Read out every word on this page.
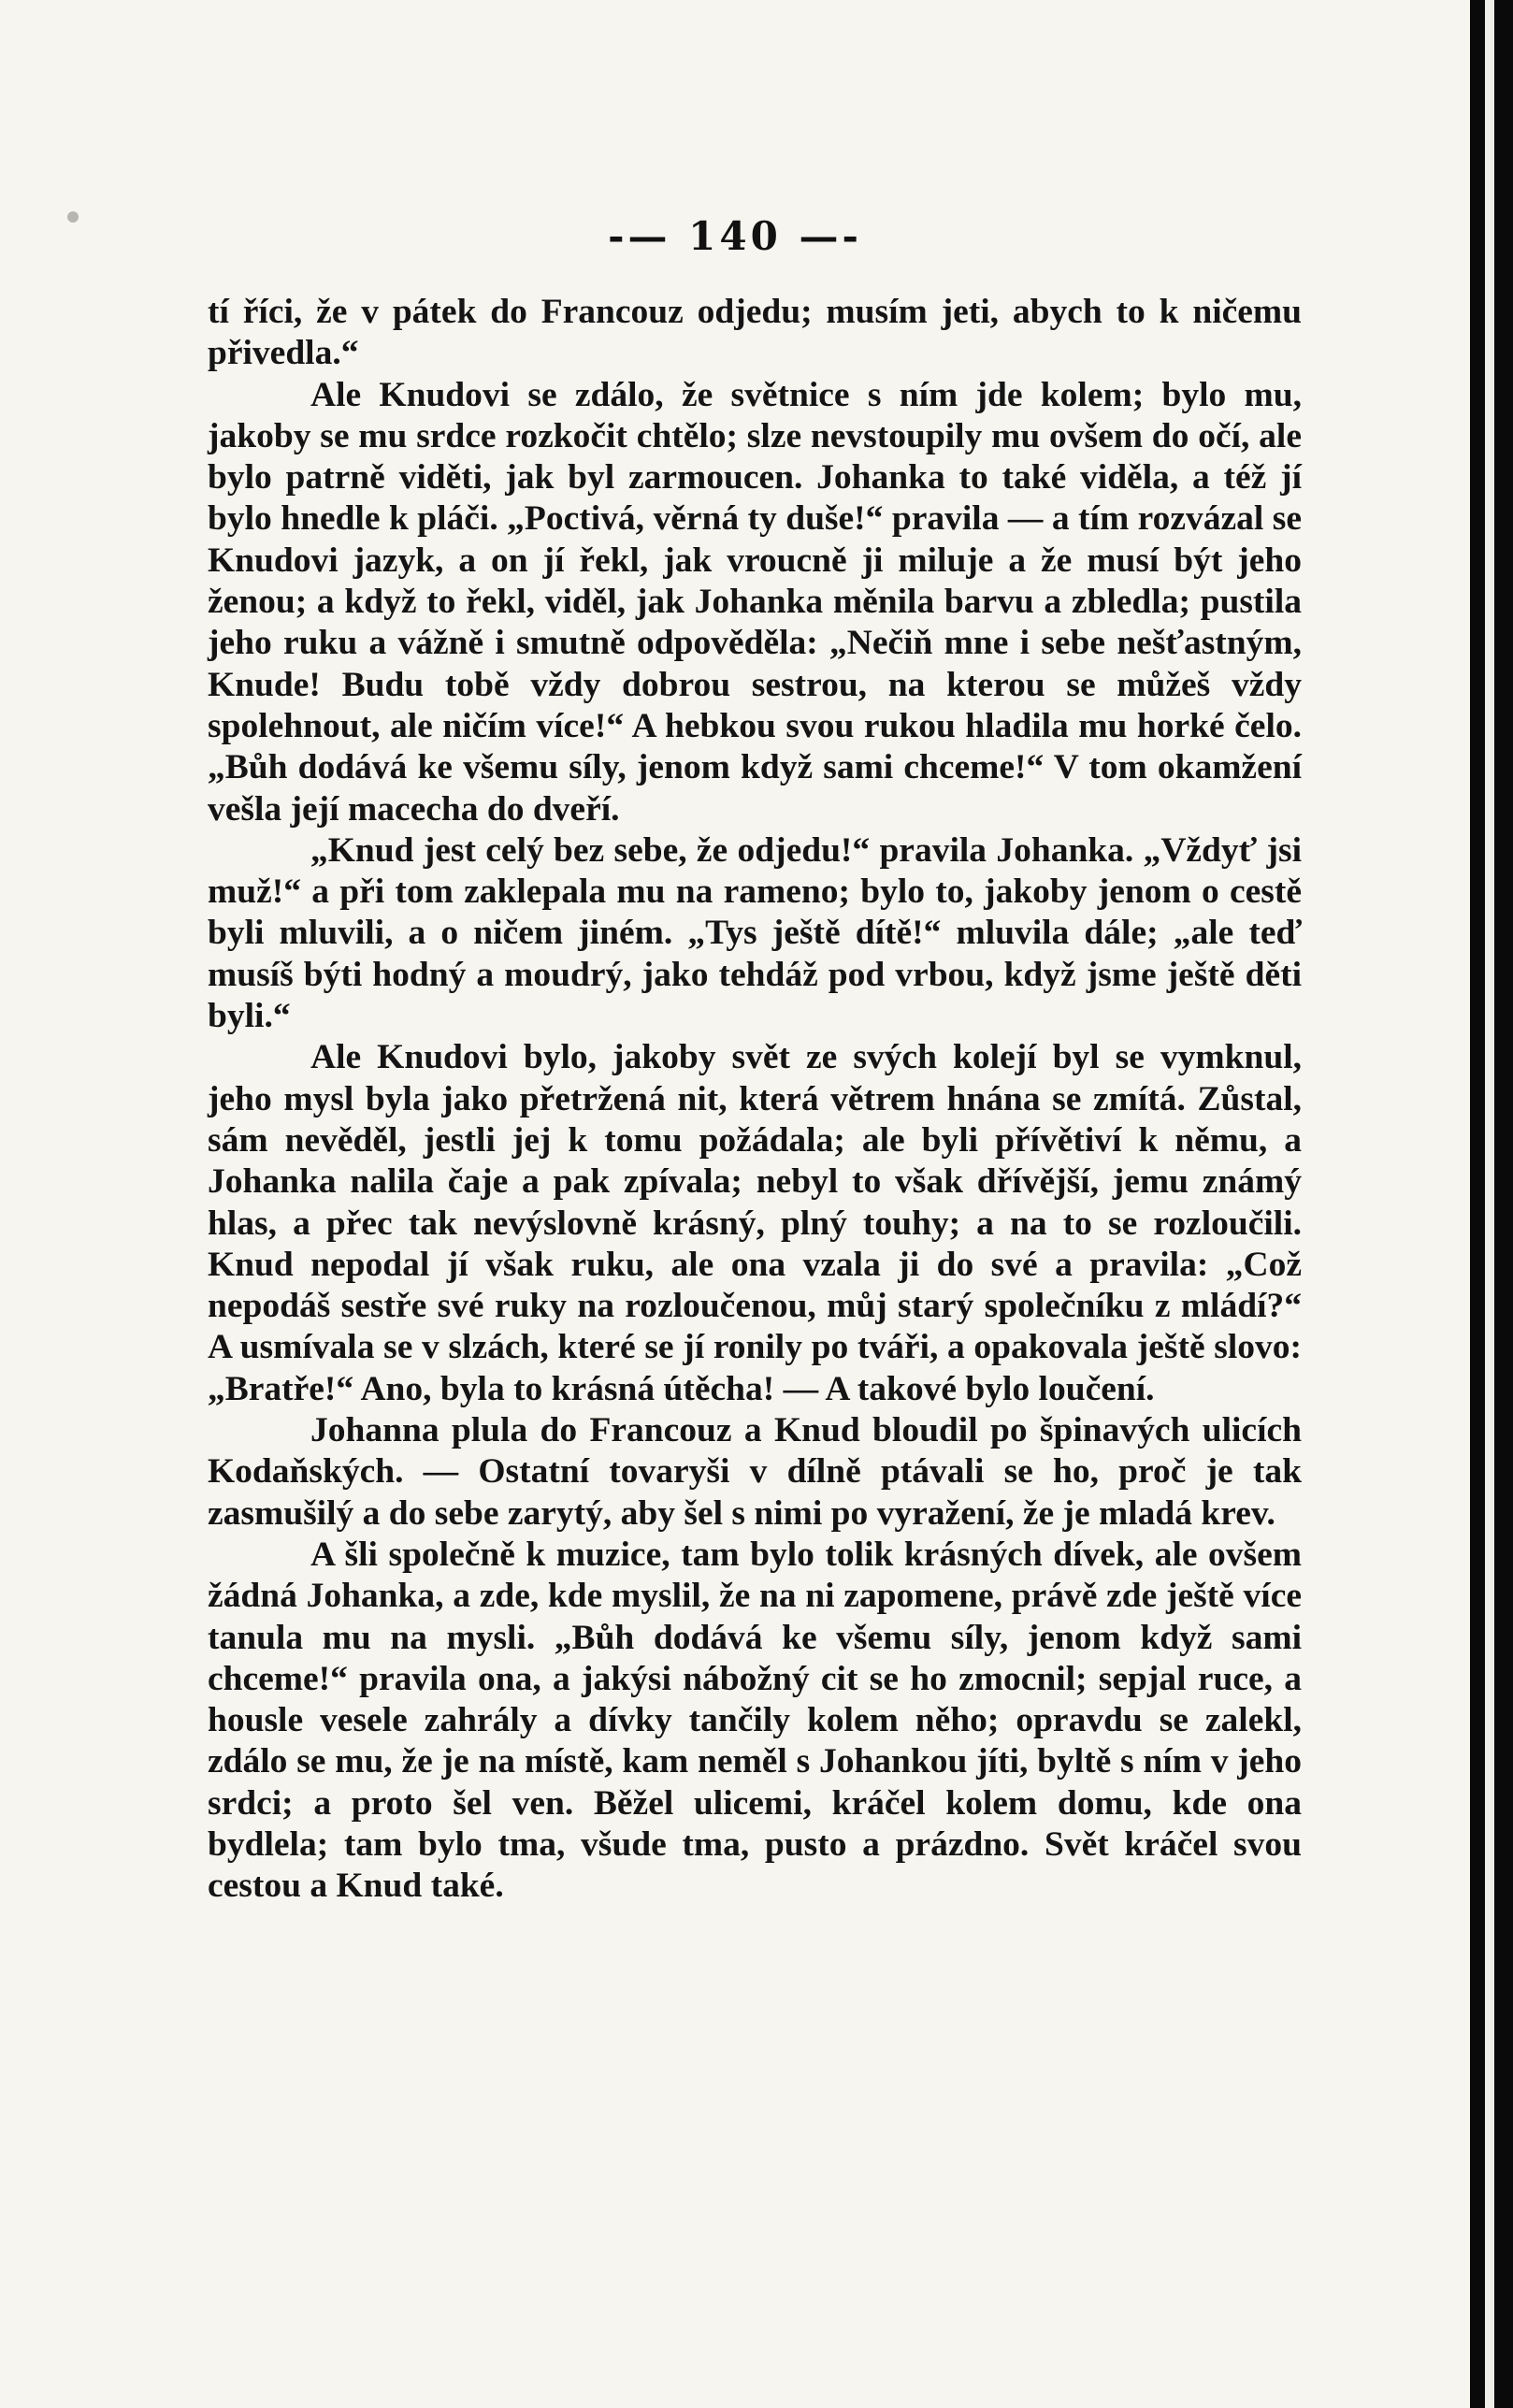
-— 140 —-

tí říci, že v pátek do Francouz odjedu; musím jeti, abych to k ničemu přivedla.“

Ale Knudovi se zdálo, že světnice s ním jde kolem; bylo mu, jakoby se mu srdce rozkočit chtělo; slze nevstoupily mu ovšem do očí, ale bylo patrně viděti, jak byl zarmoucen. Johanka to také viděla, a též jí bylo hnedle k pláči. „Poctivá, věrná ty duše!“ pravila — a tím rozvázal se Knudovi jazyk, a on jí řekl, jak vroucně ji miluje a že musí být jeho ženou; a když to řekl, viděl, jak Johanka měnila barvu a zbledla; pustila jeho ruku a vážně i smutně odpověděla: „Nečiň mne i sebe nešťastným, Knude! Budu tobě vždy dobrou sestrou, na kterou se můžeš vždy spolehnout, ale ničím více!“ A hebkou svou rukou hladila mu horké čelo. „Bůh dodává ke všemu síly, jenom když sami chceme!“ V tom okamžení vešla její macecha do dveří.

„Knud jest celý bez sebe, že odjedu!“ pravila Johanka. „Vždyť jsi muž!“ a při tom zaklepala mu na rameno; bylo to, jakoby jenom o cestě byli mluvili, a o ničem jiném. „Tys ještě dítě!“ mluvila dále; „ale teď musíš býti hodný a moudrý, jako tehdáž pod vrbou, když jsme ještě děti byli.“

Ale Knudovi bylo, jakoby svět ze svých kolejí byl se vymknul, jeho mysl byla jako přetržená nit, která větrem hnána se zmítá. Zůstal, sám nevěděl, jestli jej k tomu požádala; ale byli přívětiví k němu, a Johanka nalila čaje a pak zpívala; nebyl to však dřívější, jemu známý hlas, a přec tak nevýslovně krásný, plný touhy; a na to se rozloučili. Knud nepodal jí však ruku, ale ona vzala ji do své a pravila: „Což nepodáš sestře své ruky na rozloučenou, můj starý společníku z mládí?“ A usmívala se v slzách, které se jí ronily po tváři, a opakovala ještě slovo: „Bratře!“ Ano, byla to krásná útěcha! — A takové bylo loučení.

Johanna plula do Francouz a Knud bloudil po špinavých ulicích Kodaňských. — Ostatní tovaryši v dílně ptávali se ho, proč je tak zasmušilý a do sebe zarytý, aby šel s nimi po vyražení, že je mladá krev.

A šli společně k muzice, tam bylo tolik krásných dívek, ale ovšem žádná Johanka, a zde, kde myslil, že na ni zapomene, právě zde ještě více tanula mu na mysli. „Bůh dodává ke všemu síly, jenom když sami chceme!“ pravila ona, a jakýsi nábožný cit se ho zmocnil; sepjal ruce, a housle vesele zahrály a dívky tančily kolem něho; opravdu se zalekl, zdálo se mu, že je na místě, kam neměl s Johankou jíti, byltě s ním v jeho srdci; a proto šel ven. Běžel ulicemi, kráčel kolem domu, kde ona bydlela; tam bylo tma, všude tma, pusto a prázdno. Svět kráčel svou cestou a Knud také.
